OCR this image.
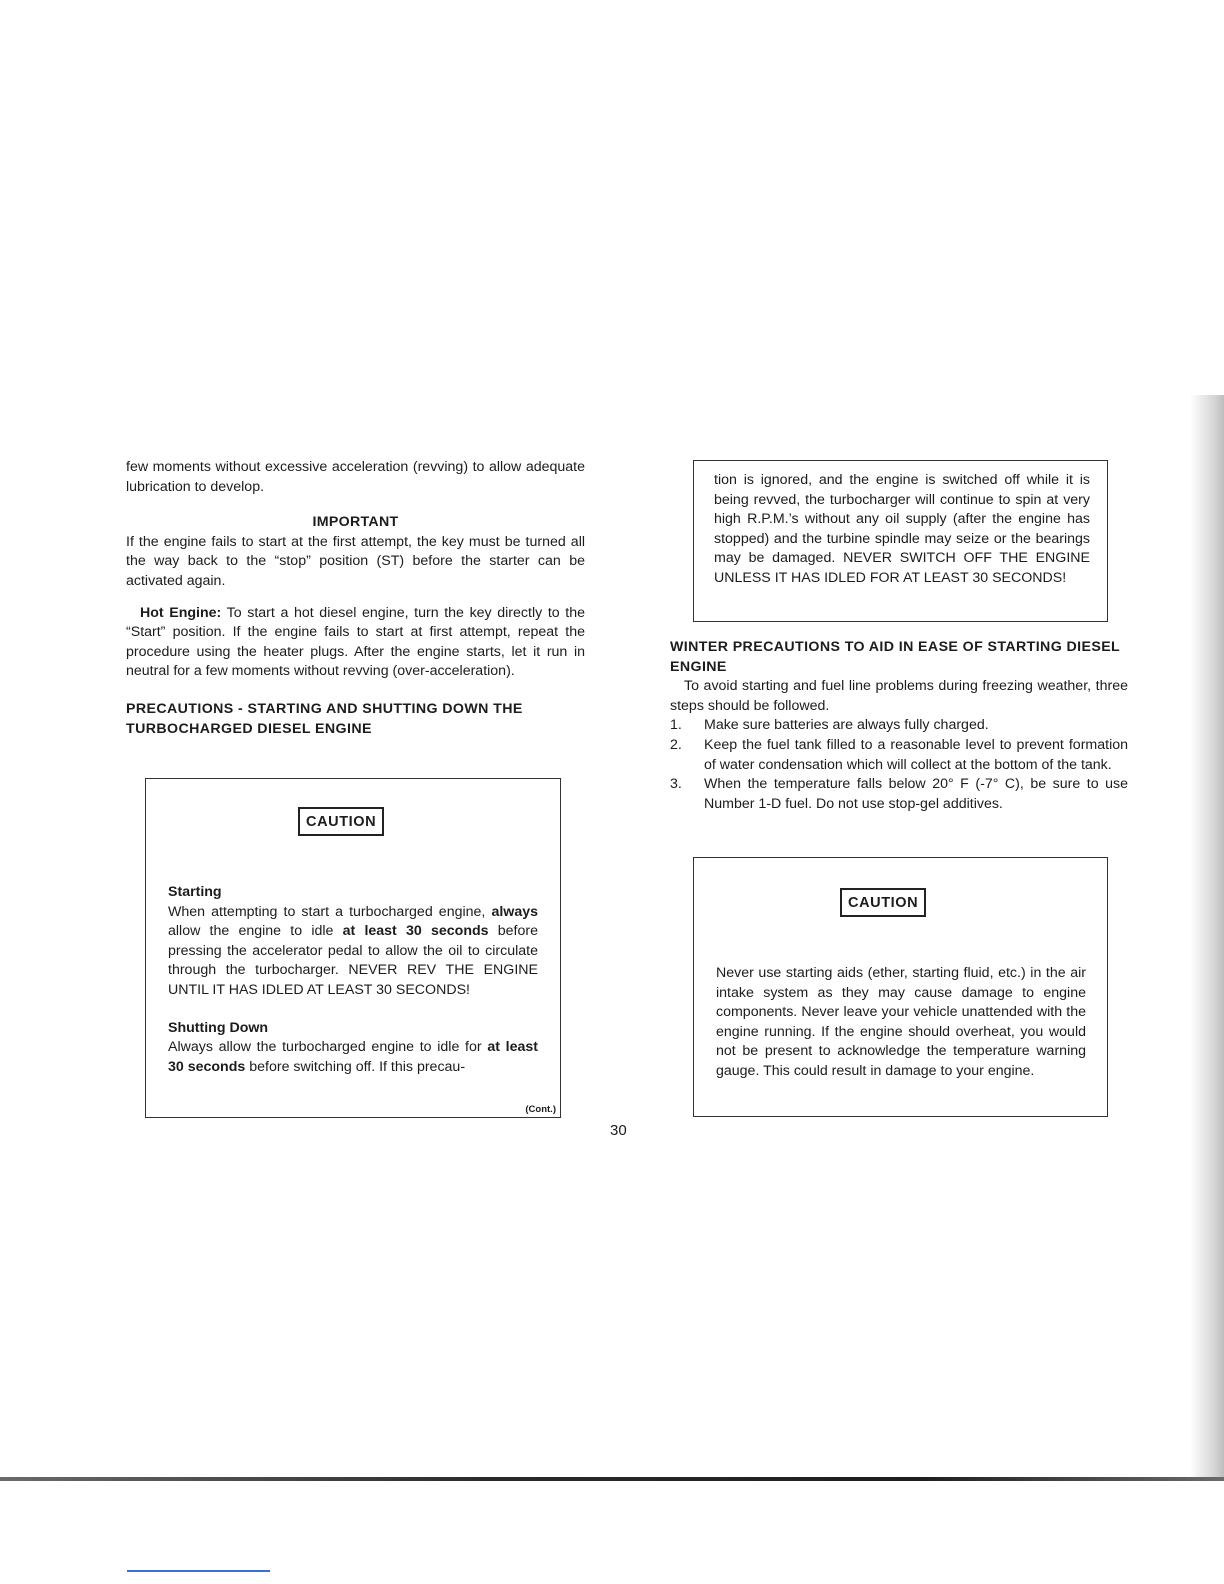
few moments without excessive acceleration (revving) to allow adequate lubrication to develop.

IMPORTANT

If the engine fails to start at the first attempt, the key must be turned all the way back to the “stop” position (ST) before the starter can be activated again.

Hot Engine: To start a hot diesel engine, turn the key directly to the “Start” position. If the engine fails to start at first attempt, repeat the procedure using the heater plugs. After the engine starts, let it run in neutral for a few moments without revving (over-acceleration).

PRECAUTIONS - STARTING AND SHUTTING DOWN THE TURBOCHARGED DIESEL ENGINE
CAUTION
Starting

When attempting to start a turbocharged engine, always allow the engine to idle at least 30 seconds before pressing the accelerator pedal to allow the oil to circulate through the turbocharger. NEVER REV THE ENGINE UNTIL IT HAS IDLED AT LEAST 30 SECONDS!

Shutting Down

Always allow the turbocharged engine to idle for at least 30 seconds before switching off. If this precau-

(Cont.)

tion is ignored, and the engine is switched off while it is being revved, the turbocharger will continue to spin at very high R.P.M.’s without any oil supply (after the engine has stopped) and the turbine spindle may seize or the bearings may be damaged. NEVER SWITCH OFF THE ENGINE UNLESS IT HAS IDLED FOR AT LEAST 30 SECONDS!

WINTER PRECAUTIONS TO AID IN EASE OF STARTING DIESEL ENGINE

To avoid starting and fuel line problems during freezing weather, three steps should be followed.

1. Make sure batteries are always fully charged.
2. Keep the fuel tank filled to a reasonable level to prevent formation of water condensation which will collect at the bottom of the tank.
3. When the temperature falls below 20° F (-7° C), be sure to use Number 1-D fuel. Do not use stop-gel additives.
CAUTION

Never use starting aids (ether, starting fluid, etc.) in the air intake system as they may cause damage to engine components. Never leave your vehicle unattended with the engine running. If the engine should overheat, you would not be present to acknowledge the temperature warning gauge. This could result in damage to your engine.

30
